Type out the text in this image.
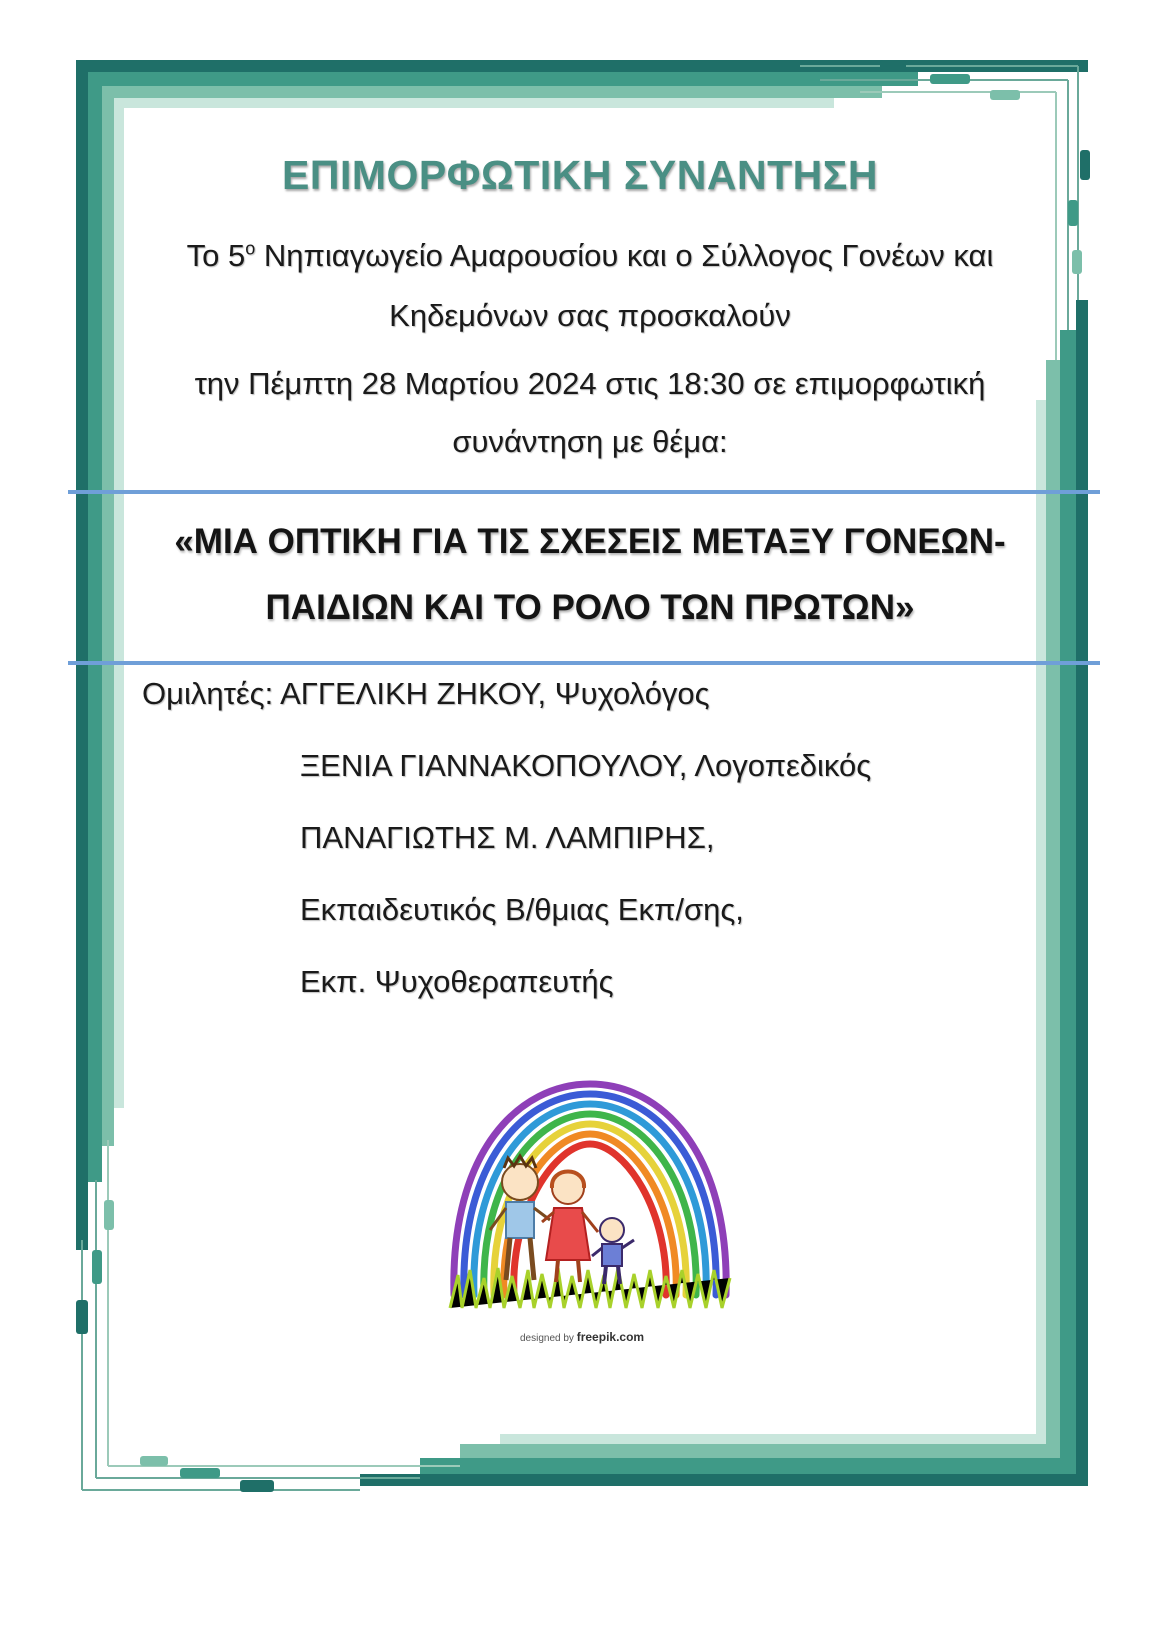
ΕΠΙΜΟΡΦΩΤΙΚΗ ΣΥΝΑΝΤΗΣΗ
Το $5^o$ Νηπιαγωγείο Αμαρουσίου και ο Σύλλογος Γονέων και
Κηδεμόνων σας προσκαλούν
την Πέμπτη 28 Μαρτίου 2024 στις 18:30 σε επιμορφωτική
συνάντηση με θέμα:
«ΜΙΑ ΟΠΤΙΚΗ ΓΙΑ ΤΙΣ ΣΧΕΣΕΙΣ ΜΕΤΑΞΥ ΓΟΝΕΩΝ-
ΠΑΙΔΙΩΝ ΚΑΙ ΤΟ ΡΟΛΟ ΤΩΝ ΠΡΩΤΩΝ»
Ομιλητές: ΑΓΓΕΛΙΚΗ ΖΗΚΟΥ, Ψυχολόγος
ΞΕΝΙΑ ΓΙΑΝΝΑΚΟΠΟΥΛΟΥ, Λογοπεδικός
ΠΑΝΑΓΙΩΤΗΣ Μ. ΛΑΜΠΙΡΗΣ,
Εκπαιδευτικός Β/θμιας Εκπ/σης,
Εκπ. Ψυχοθεραπευτής
designed by freepik.com
